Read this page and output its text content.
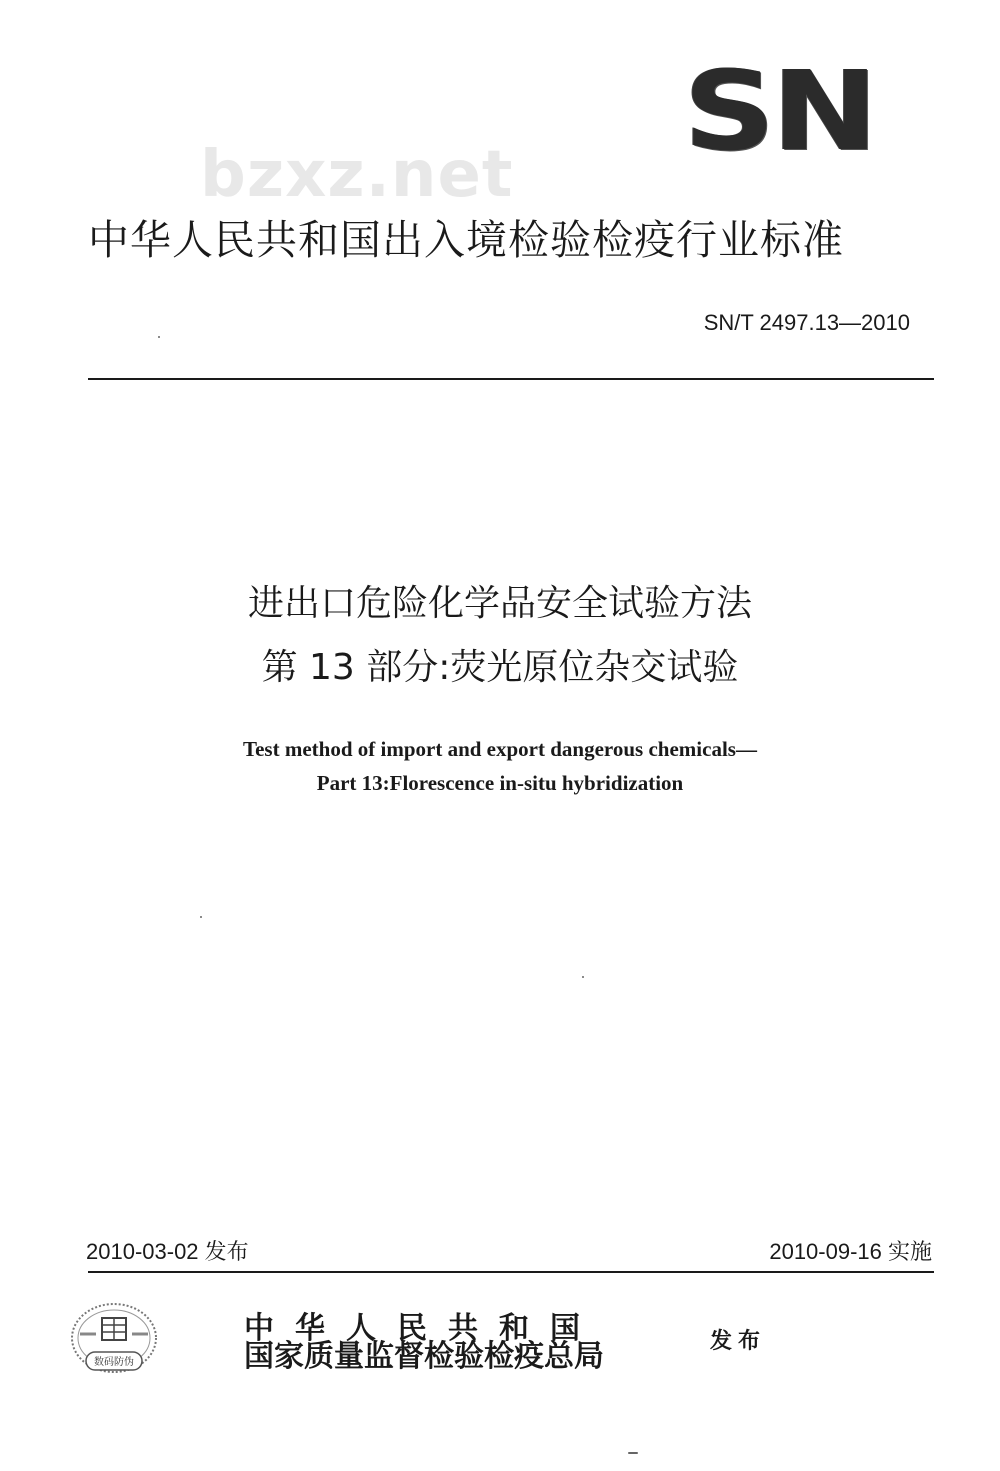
SN
bzxz.net
中华人民共和国出入境检验检疫行业标准
SN/T 2497.13—2010
进出口危险化学品安全试验方法
第 13 部分:荧光原位杂交试验
Test method of import and export dangerous chemicals—
Part 13:Florescence in-situ hybridization
2010-03-02 发布	2010-09-16 实施
数码防伪
中华人民共和国
国家质量监督检验检疫总局	发布
